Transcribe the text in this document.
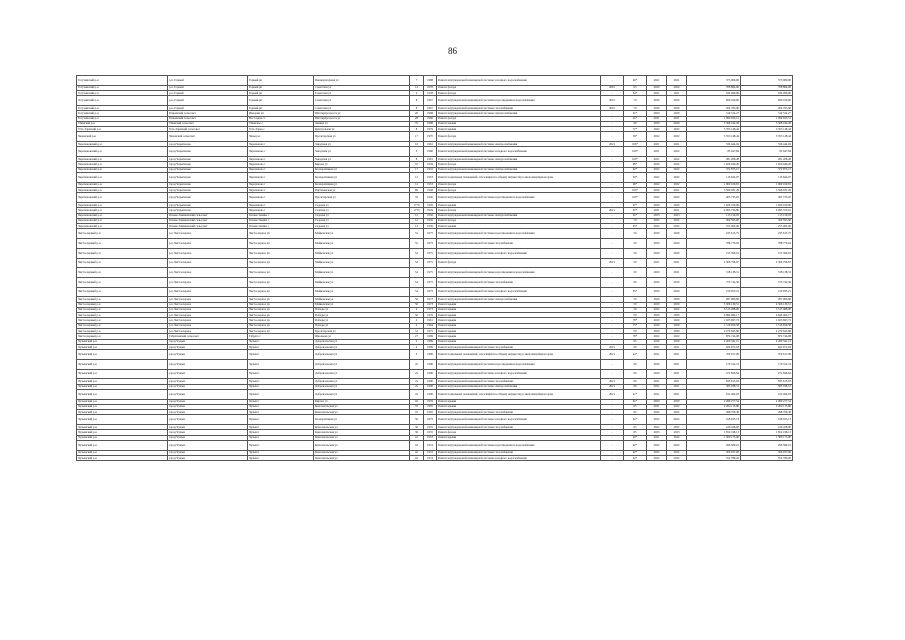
86
Тогучинский р-н	р.п. Горный	Горный рп	Пионерлагерная ул	7	1988	Ремонт внутридомовой инженерной системы холодного водоснабжения	-	40*	2021	2021	373 000,00	373 000,00
Тогучинский р-н	р.п. Горный	Горный рп	Советская ул	14	1978	Ремонт фасада	2010	65	2020	2020	708 864,00	708 864,00
Тогучинский р-н	р.п. Горный	Горный рп	Советская ул	4	1978	Ремонт фасада	-	64*	2021	2021	934 990,00	934 990,00
Тогучинский р-н	р.п. Горный	Горный рп	Советская ул	8	1967	Ремонт внутридомовой инженерной системы водоотведения и водоснабжения	2010	70	2020	2020	826 100,00	826 100,00
Тогучинский р-н	р.п. Горный	Горный рп	Советская ул	8	1967	Ремонт внутридомовой инженерной системы газоснабжения	2010	70	2020	2020	204 765,00	204 765,00
Тогучинский р-н	Репьевский сельсовет	Имзорин рп	Шахтерпрогресса ул	20	1968	Ремонт внутридомовой инженерной системы электроснабжения	-	61*	2020	2020	319 314,27	319 314,27
Тогучинский р-н	Репьевский сельсовет	Восточная ст	Шахтерпрогресса ул	28	1960	Ремонт фасада	-	61*	2021	2021	1 090 923,51	1 090 923,51
Убинский р-н	Убинский сельсовет	Убинское с	Ленина ул	76	1986	Ремонт крыши	-	40	2020	2020	3 368 244,28	3 368 244,28
Усть-Таркский р-н	Усть-Таркский сельсовет	Усть-Тарка с	Центральная ул	8	1979	Ремонт крыши	-	57*	2022	2022	3 353 148,44	3 353 148,44
Чановский р-н	Чановский сельсовет	Чаны р.п.	Пролетарская ул	17	1970	Ремонт фасада	-	59*	2022	2022	3 353 148,44	3 353 148,44
Черепановский р-н	город Черепаново	Черепаново г	Заводская ул	16	1961	Ремонт внутридомовой инженерной системы электроснабжения	2021	106*	2021	2021	336 444,04	336 444,04
Черепановский р-н	город Черепаново	Черепаново г	Заводская ул	5	1960	Ремонт внутридомовой инженерной системы холодного водоснабжения	-	100*	2021	2022	83 047,84	83 047,84
Черепановский р-н	город Черепаново	Черепаново г	Заводская ул	8	1961	Ремонт внутридомовой инженерной системы электроснабжения	-	100*	2021	2022	281 208,28	281 208,28
Черепановский р-н	город Черепаново	Черепаново г	Кирова ул	10	1959	Ремонт фасада	-	96*	2020	2022	1 629 946,20	1 629 946,20
Черепановский р-н	город Черепаново	Черепаново г	Кооперативная ул	17	1952	Ремонт внутридомовой инженерной системы электроснабжения	-	92*	2022	2022	372 875,15	372 875,15
Черепановский р-н	город Черепаново	Черепаново г	Кооперативная ул	12	1953	Ремонт подвальных помещений, относящихся к общему имуществу в многоквартирном доме	-	92*	2022	2022	116 624,07	116 624,07
Черепановский р-н	город Черепаново	Черепаново г	Кооперативная ул	12	1953	Ремонт фасада	-	90*	2022	2022	1 069 160,81	1 069 160,81
Черепановский р-н	город Черепаново	Черепаново г	Партизанская ул	90	1948	Ремонт фасада	-	100*	2020	2021	3 596 931,29	3 596 931,29
Черепановский р-н	город Черепаново	Черепаново г	Пролетарская ул	35	1940	Ремонт внутридомовой инженерной системы водоотведения и водоснабжения	-	100*	2022	2022	463 735,05	463 735,05
Черепановский р-н	город Черепаново	Черепаново г	Садовая ул	1770	1929	Ремонт крыши	-	97*	2020	2020	1 629 100,00	1 629 100,00
Черепановский р-н	город Черепаново	Черепаново г	Садовая ул	1770	1929	Ремонт фасада	2021	97*	2021	2021	4 993 734,80	4 993 372,81
Черепановский р-н	Огнево-Заимковский сельсовет	Огнева Заимка с	Садовая ул	12	1956	Ремонт внутридомовой инженерной системы электроснабжения	-	61*	2023	2023	113 159,03	113 159,03
Черепановский р-н	Огнево-Заимковский сельсовет	Огнева Заимка с	Садовая ул	12	1956	Ремонт фасада	-	70	2022	2022	360 595,00	360 595,00
Черепановский р-н	Огнево-Заимковский сельсовет	Огнева Заимка с	Садовая ул	12	1956	Ремонт крыши	-	65*	2022	2022	255 462,00	255 462,00
Чистоозерный р-н	р.п. Чистоозерное	Чистоозерное рп	Майковская ул	52	1975	Ремонт внутридомовой инженерной системы водоотведения и водоснабжения	-	50	2020	2020	235 615,75	235 615,75
Чистоозерный р-н	р.п. Чистоозерное	Чистоозерное рп	Майковская ул	52	1975	Ремонт внутридомовой инженерной системы газоснабжения	-	50	2020	2020	788 779,04	788 779,04
Чистоозерный р-н	р.п. Чистоозерное	Чистоозерное рп	Майковская ул	52	1975	Ремонт внутридомовой инженерной системы холодного водоснабжения	-	50	2020	2020	153 399,91	153 399,91
Чистоозерный р-н	р.п. Чистоозерное	Чистоозерное рп	Майковская ул	52	1975	Ремонт фасада	2021	50	2021	2021	2 306 796,67	2 306 796,67
Чистоозерный р-н	р.п. Чистоозерное	Чистоозерное рп	Майковская ул	54	1975	Ремонт внутридомовой инженерной системы водоотведения и водоснабжения	-	50	2020	2021	318 138,31	318 138,31
Чистоозерный р-н	р.п. Чистоозерное	Чистоозерное рп	Майковская ул	54	1975	Ремонт внутридомовой инженерной системы газоснабжения	-	60	2020	2020	753 742,56	753 742,56
Чистоозерный р-н	р.п. Чистоозерное	Чистоозерное рп	Майковская ул	54	1975	Ремонт внутридомовой инженерной системы холодного водоснабжения	-	65*	2020	2020	159 053,21	159 053,21
Чистоозерный р-н	р.п. Чистоозерное	Чистоозерное рп	Майковская ул	56	1973	Ремонт внутридомовой инженерной системы электроснабжения	-	50	2020	2020	287 960,86	287 960,86
Чистоозерный р-н	р.п. Чистоозерное	Чистоозерное рп	Майковская ул	56	1973	Ремонт крыши	-	50	2020	2020	3 306 139,51	4 306 139,51
Чистоозерный р-н	р.п. Чистоозерное	Чистоозерное рп	Победы ул	9	1973	Ремонт крыши	-	50	2022	2022	3 513 488,00	3 513 488,00
Чистоозерный р-н	р.п. Чистоозерное	Чистоозерное рп	Победы ул	56	1976	Ремонт крыши	-	50	2020	2020	4 894 464,17	4 844 464,17
Чистоозерный р-н	р.п. Чистоозерное	Чистоозерное рп	Победы ул	4	1961	Ремонт крыши	-	76*	2020	2020	1 023 697,72	1 023 697,72
Чистоозерный р-н	р.п. Чистоозерное	Чистоозерное рп	Победы ул	2	1964	Ремонт крыши	-	75*	2020	2020	1 516 650,58	1 516 650,58
Чистоозерный р-н	р.п. Чистоозерное	Чистоозерное рп	Пролетарская ул	31	1975	Ремонт крыши	-	50	2020	2020	4 279 643,86	4 279 643,86
Чистоозерный р-н	Табулгинский сельсовет	Табулга с	Школьная ул	27	1969	Ремонт крыши	-	76*	2022	2022	874 744,08	874 744,08
Чулымский р-н	город Чулым	Чулым г	Добровольская ул	2	1989	Ремонт крыши	-	65	2020	2020	4 209 341,15	4 209 341,15
Чулымский р-н	город Чулым	Чулым г	Добровольская ул	2	1989	Ремонт внутридомовой инженерной системы газоснабжения	2021	60	2021	2021	624 672,93	624 672,93
Чулымский р-н	город Чулым	Чулым г	Добровольская ул	2	1989	Ремонт подвальных помещений, относящихся к общему имуществу в многоквартирном доме	2021	44*	2021	2021	709 617,09	709 617,09
Чулымский р-н	город Чулым	Чулым г	Добровольская ул	2а	1990	Ремонт внутридомовой инженерной системы водоотведения и водоснабжения	-	60	2020	2021	176 314,74	176 314,74
Чулымский р-н	город Чулым	Чулым г	Добровольская ул	2а	1990	Ремонт внутридомовой инженерной системы холодного водоснабжения	-	60	2020	2021	272 826,64	272 826,64
Чулымский р-н	город Чулым	Чулым г	Добровольская ул	2а	1990	Ремонт внутридомовой инженерной системы газоснабжения	2021	60	2021	2021	835 615,03	835 615,03
Чулымский р-н	город Чулым	Чулым г	Добровольская ул	2а	1990	Ремонт внутридомовой инженерной системы электроснабжения	2021	60	2021	2021	585 938,31	585 938,31
Чулымский р-н	город Чулым	Чулым г	Добровольская ул	2а	1990	Ремонт подвальных помещений, относящихся к общему имуществу в многоквартирном доме	2021	41*	2021	2021	612 464,03	612 464,03
Чулымский р-н	город Чулым	Чулым г	Кирова ул	111	1976	Ремонт крыши	-	61*	2020	2020	2 289 277,54	2 289 277,54
Чулымский р-н	город Чулым	Чулым г	Комсомольская ул	76	1965	Ремонт крыши	-	65	2021	2022	2 204 115,80	2 204 115,80
Чулымский р-н	город Чулым	Чулым г	Комсомольская ул	76	1965	Ремонт внутридомовой инженерной системы газоснабжения	-	65	2022	2022	498 709,38	498 709,38
Чулымский р-н	город Чулым	Чулым г	Кооперативная ул	56	1975	Ремонт внутридомовой инженерной системы холодного водоснабжения	-	61*	2022	2022	168 925,13	168 925,13
Чулымский р-н	город Чулым	Чулым г	Комсомольская ул	36	1955	Ремонт внутридомовой инженерной системы газоснабжения	-	65	2022	2022	416 428,00	416 428,00
Чулымский р-н	город Чулым	Чулым г	Комсомольская ул	36	1955	Ремонт фасада	-	65	2023	2023	1 654 198,13	1 654 198,13
Чулымский р-н	город Чулым	Чулым г	Комсомольская ул	41	1953	Ремонт крыши	-	92*	2021	2022	1 300 173,00	1 300 173,00
Чулымский р-н	город Чулым	Чулым г	Комсомольская ул	42	1953	Ремонт внутридомовой инженерной системы водоотведения и водоснабжения	-	92*	2022	2022	296 580,19	296 580,19
Чулымский р-н	город Чулым	Чулым г	Комсомольская ул	42	1953	Ремонт внутридомовой инженерной системы газоснабжения	-	92*	2022	2022	506 037,06	506 037,06
Чулымский р-н	город Чулым	Чулым г	Комсомольская ул	42	1953	Ремонт внутридомовой инженерной системы холодного водоснабжения	-	92*	2022	2022	554 789,20	554 789,20
